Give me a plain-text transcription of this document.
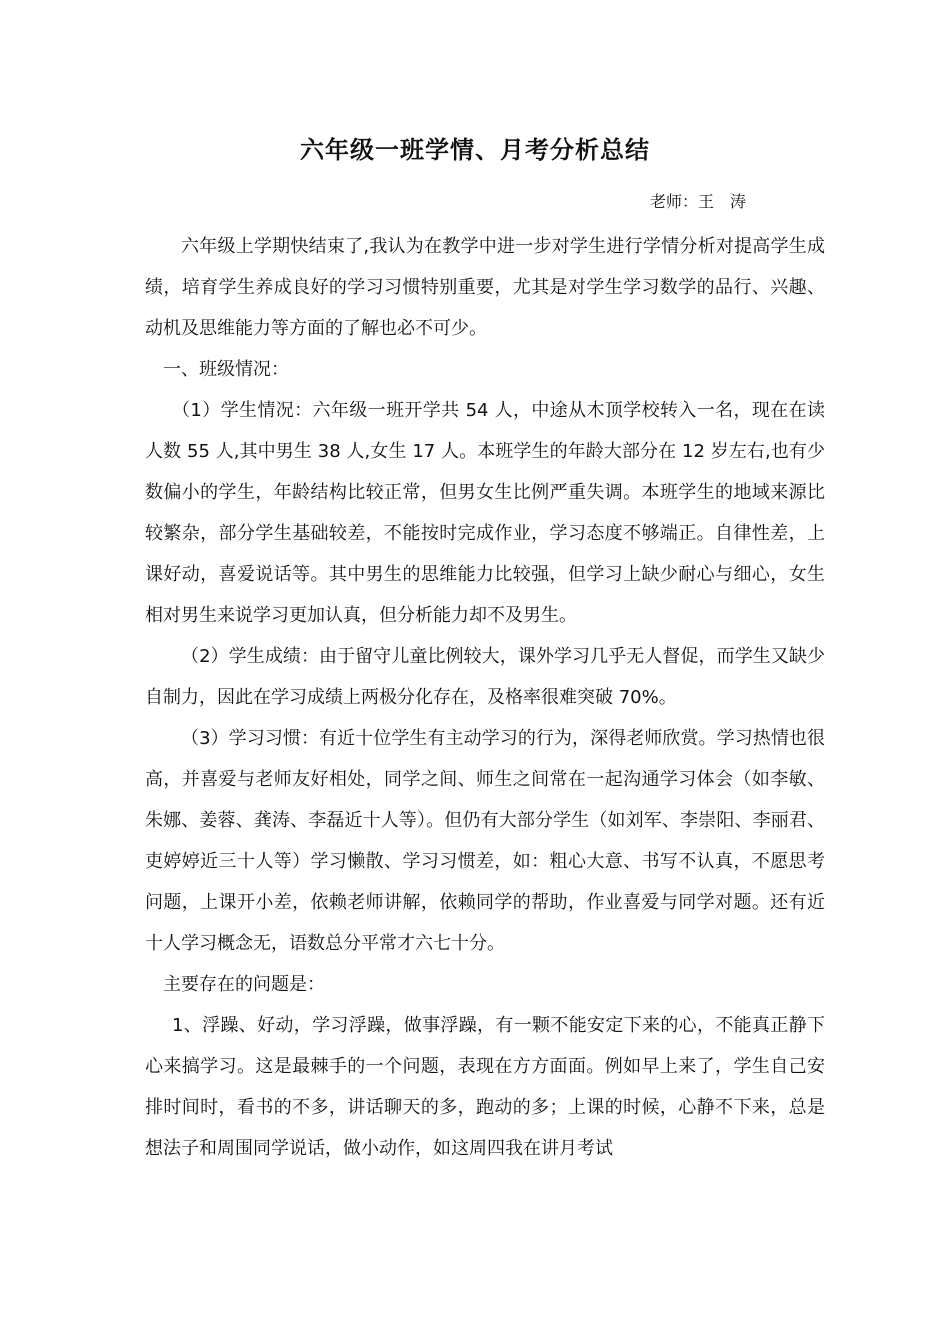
六年级一班学情、月考分析总结
老师：王　涛

六年级上学期快结束了,我认为在教学中进一步对学生进行学情分析对提高学生成绩，培育学生养成良好的学习习惯特别重要，尤其是对学生学习数学的品行、兴趣、动机及思维能力等方面的了解也必不可少。

一、班级情况：

（1）学生情况：六年级一班开学共 54 人，中途从木顶学校转入一名，现在在读人数 55 人,其中男生 38 人,女生 17 人。本班学生的年龄大部分在 12 岁左右,也有少数偏小的学生，年龄结构比较正常，但男女生比例严重失调。本班学生的地域来源比较繁杂，部分学生基础较差，不能按时完成作业，学习态度不够端正。自律性差，上课好动，喜爱说话等。其中男生的思维能力比较强，但学习上缺少耐心与细心，女生相对男生来说学习更加认真，但分析能力却不及男生。

（2）学生成绩：由于留守儿童比例较大，课外学习几乎无人督促，而学生又缺少自制力，因此在学习成绩上两极分化存在，及格率很难突破 70%。

（3）学习习惯：有近十位学生有主动学习的行为，深得老师欣赏。学习热情也很高，并喜爱与老师友好相处，同学之间、师生之间常在一起沟通学习体会（如李敏、朱娜、姜蓉、龚涛、李磊近十人等）。但仍有大部分学生（如刘军、李崇阳、李丽君、吏婷婷近三十人等）学习懒散、学习习惯差，如：粗心大意、书写不认真，不愿思考问题，上课开小差，依赖老师讲解，依赖同学的帮助，作业喜爱与同学对题。还有近十人学习概念无，语数总分平常才六七十分。

主要存在的问题是：

1、浮躁、好动，学习浮躁，做事浮躁，有一颗不能安定下来的心，不能真正静下心来搞学习。这是最棘手的一个问题，表现在方方面面。例如早上来了，学生自己安排时间时，看书的不多，讲话聊天的多，跑动的多；上课的时候，心静不下来，总是想法子和周围同学说话，做小动作，如这周四我在讲月考试
